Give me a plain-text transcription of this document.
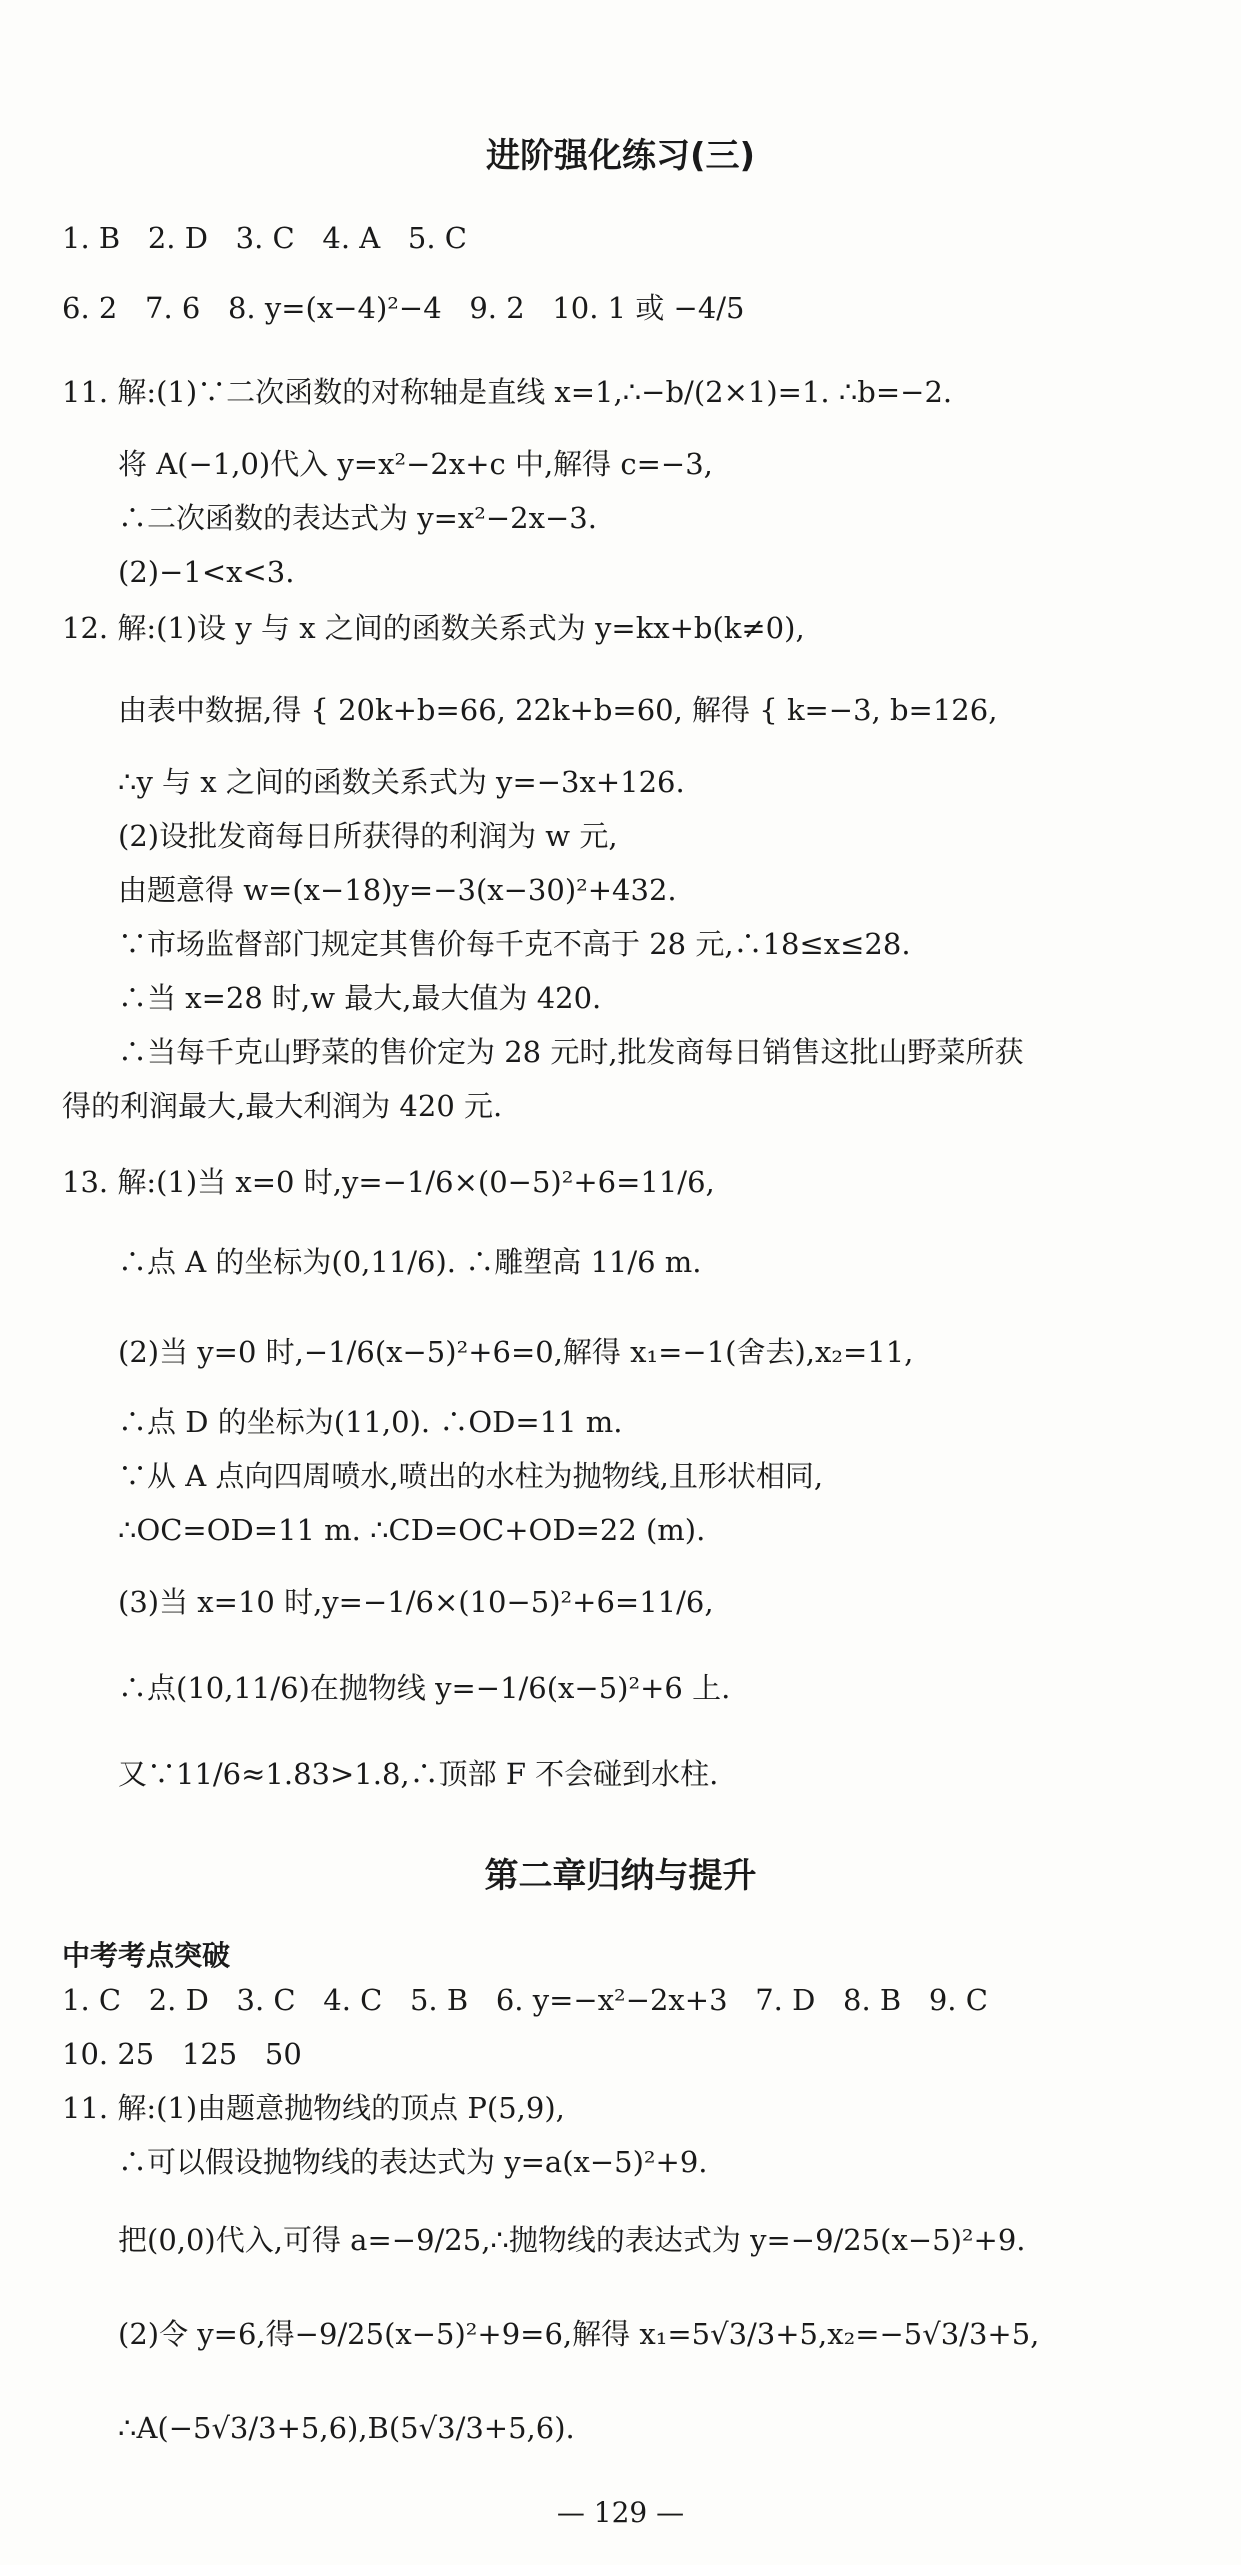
进阶强化练习(三)
1. B   2. D   3. C   4. A   5. C
6. 2   7. 6   8. y=(x−4)²−4   9. 2   10. 1 或 −4/5
11. 解:(1)∵二次函数的对称轴是直线 x=1,∴−b/(2×1)=1. ∴b=−2.
将 A(−1,0)代入 y=x²−2x+c 中,解得 c=−3,
∴二次函数的表达式为 y=x²−2x−3.
(2)−1<x<3.
12. 解:(1)设 y 与 x 之间的函数关系式为 y=kx+b(k≠0),
由表中数据,得 { 20k+b=66, 22k+b=60, 解得 { k=−3, b=126,
∴y 与 x 之间的函数关系式为 y=−3x+126.
(2)设批发商每日所获得的利润为 w 元,
由题意得 w=(x−18)y=−3(x−30)²+432.
∵市场监督部门规定其售价每千克不高于 28 元,∴18≤x≤28.
∴当 x=28 时,w 最大,最大值为 420.
∴当每千克山野菜的售价定为 28 元时,批发商每日销售这批山野菜所获
得的利润最大,最大利润为 420 元.
13. 解:(1)当 x=0 时,y=−1/6×(0−5)²+6=11/6,
∴点 A 的坐标为(0,11/6). ∴雕塑高 11/6 m.
(2)当 y=0 时,−1/6(x−5)²+6=0,解得 x₁=−1(舍去),x₂=11,
∴点 D 的坐标为(11,0). ∴OD=11 m.
∵从 A 点向四周喷水,喷出的水柱为抛物线,且形状相同,
∴OC=OD=11 m. ∴CD=OC+OD=22 (m).
(3)当 x=10 时,y=−1/6×(10−5)²+6=11/6,
∴点(10,11/6)在抛物线 y=−1/6(x−5)²+6 上.
又∵11/6≈1.83>1.8,∴顶部 F 不会碰到水柱.
第二章归纳与提升
中考考点突破
1. C   2. D   3. C   4. C   5. B   6. y=−x²−2x+3   7. D   8. B   9. C
10. 25   125   50
11. 解:(1)由题意抛物线的顶点 P(5,9),
∴可以假设抛物线的表达式为 y=a(x−5)²+9.
把(0,0)代入,可得 a=−9/25,∴抛物线的表达式为 y=−9/25(x−5)²+9.
(2)令 y=6,得−9/25(x−5)²+9=6,解得 x₁=5√3/3+5,x₂=−5√3/3+5,
∴A(−5√3/3+5,6),B(5√3/3+5,6).
— 129 —
